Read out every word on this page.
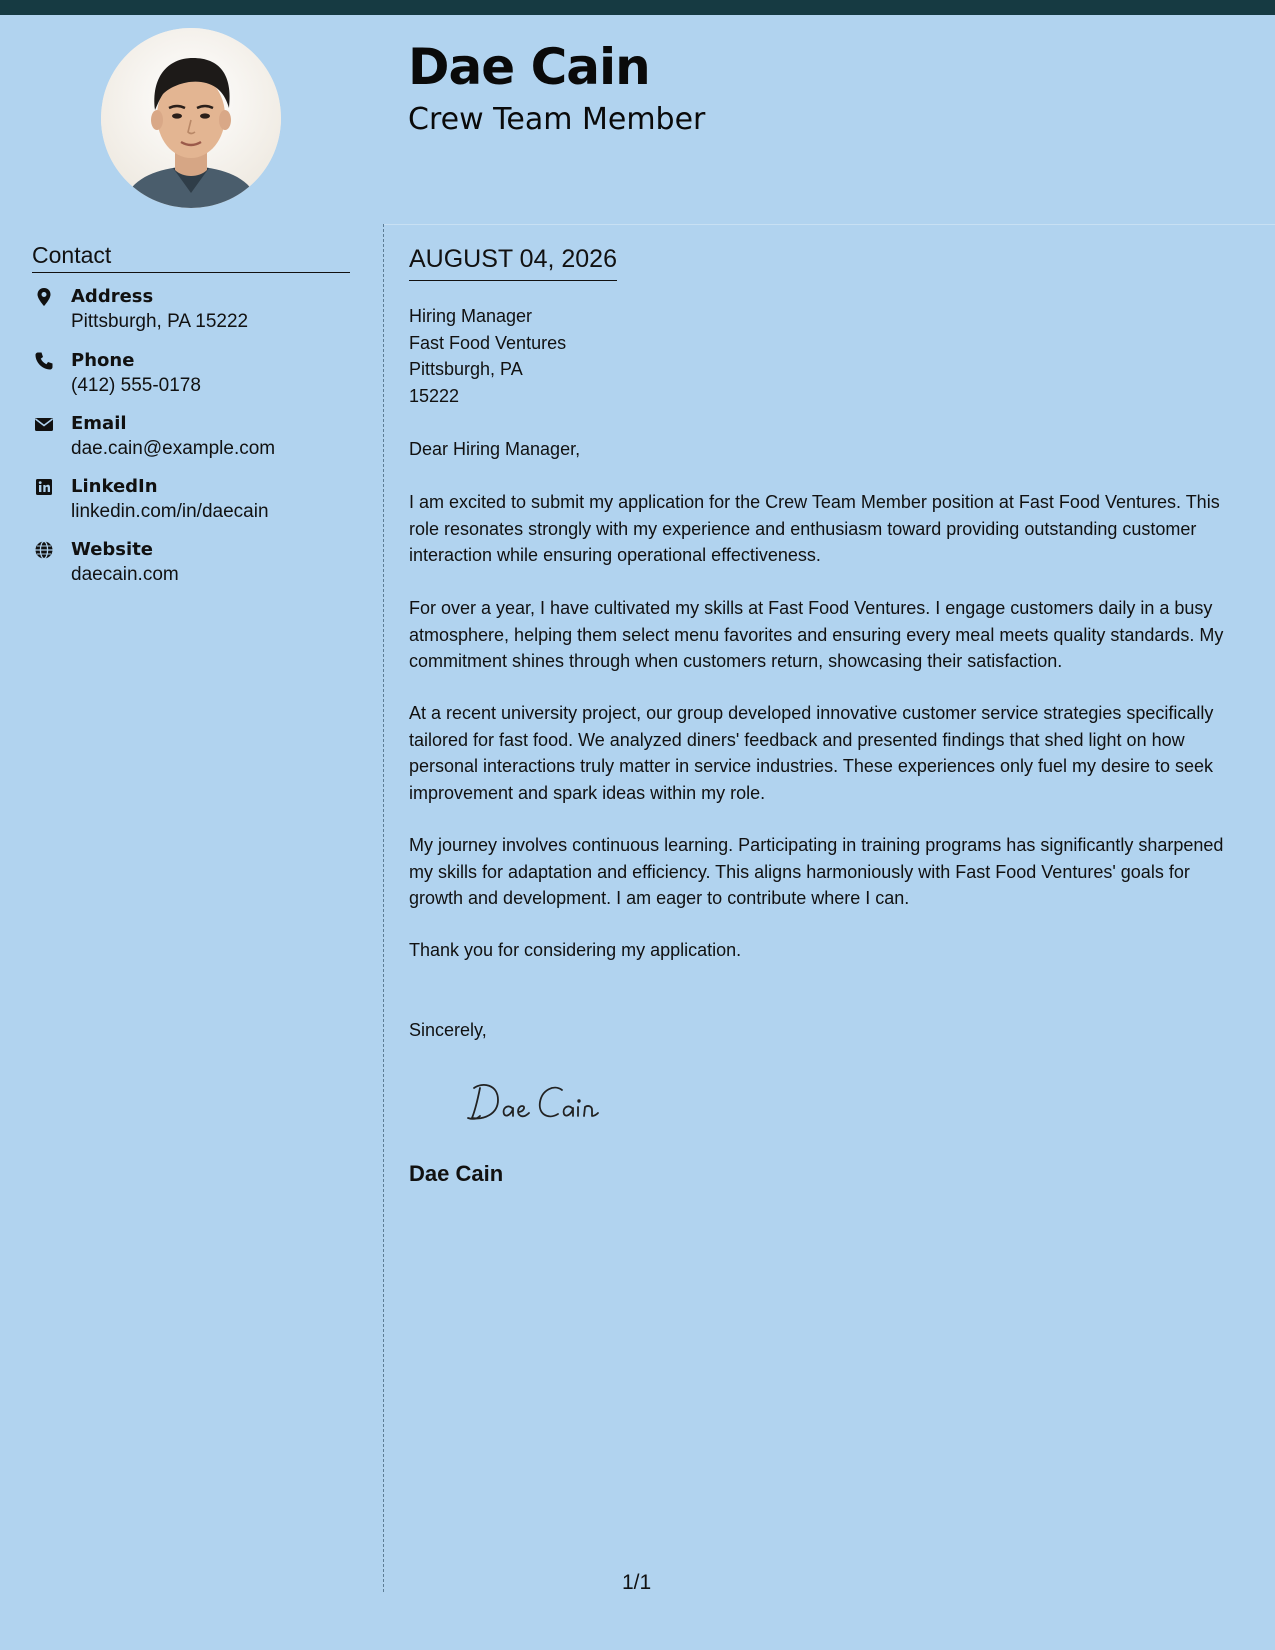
Dae Cain
Crew Team Member
Contact
Address
Pittsburgh, PA 15222
Phone
(412) 555-0178
Email
dae.cain@example.com
LinkedIn
linkedin.com/in/daecain
Website
daecain.com
AUGUST 04, 2026
Hiring Manager
Fast Food Ventures
Pittsburgh, PA
15222
Dear Hiring Manager,
I am excited to submit my application for the Crew Team Member position at Fast Food Ventures. This role resonates strongly with my experience and enthusiasm toward providing outstanding customer interaction while ensuring operational effectiveness.
For over a year, I have cultivated my skills at Fast Food Ventures. I engage customers daily in a busy atmosphere, helping them select menu favorites and ensuring every meal meets quality standards. My commitment shines through when customers return, showcasing their satisfaction.
At a recent university project, our group developed innovative customer service strategies specifically tailored for fast food. We analyzed diners' feedback and presented findings that shed light on how personal interactions truly matter in service industries. These experiences only fuel my desire to seek improvement and spark ideas within my role.
My journey involves continuous learning. Participating in training programs has significantly sharpened my skills for adaptation and efficiency. This aligns harmoniously with Fast Food Ventures' goals for growth and development. I am eager to contribute where I can.
Thank you for considering my application.
Sincerely,
Dae Cain
1/1
